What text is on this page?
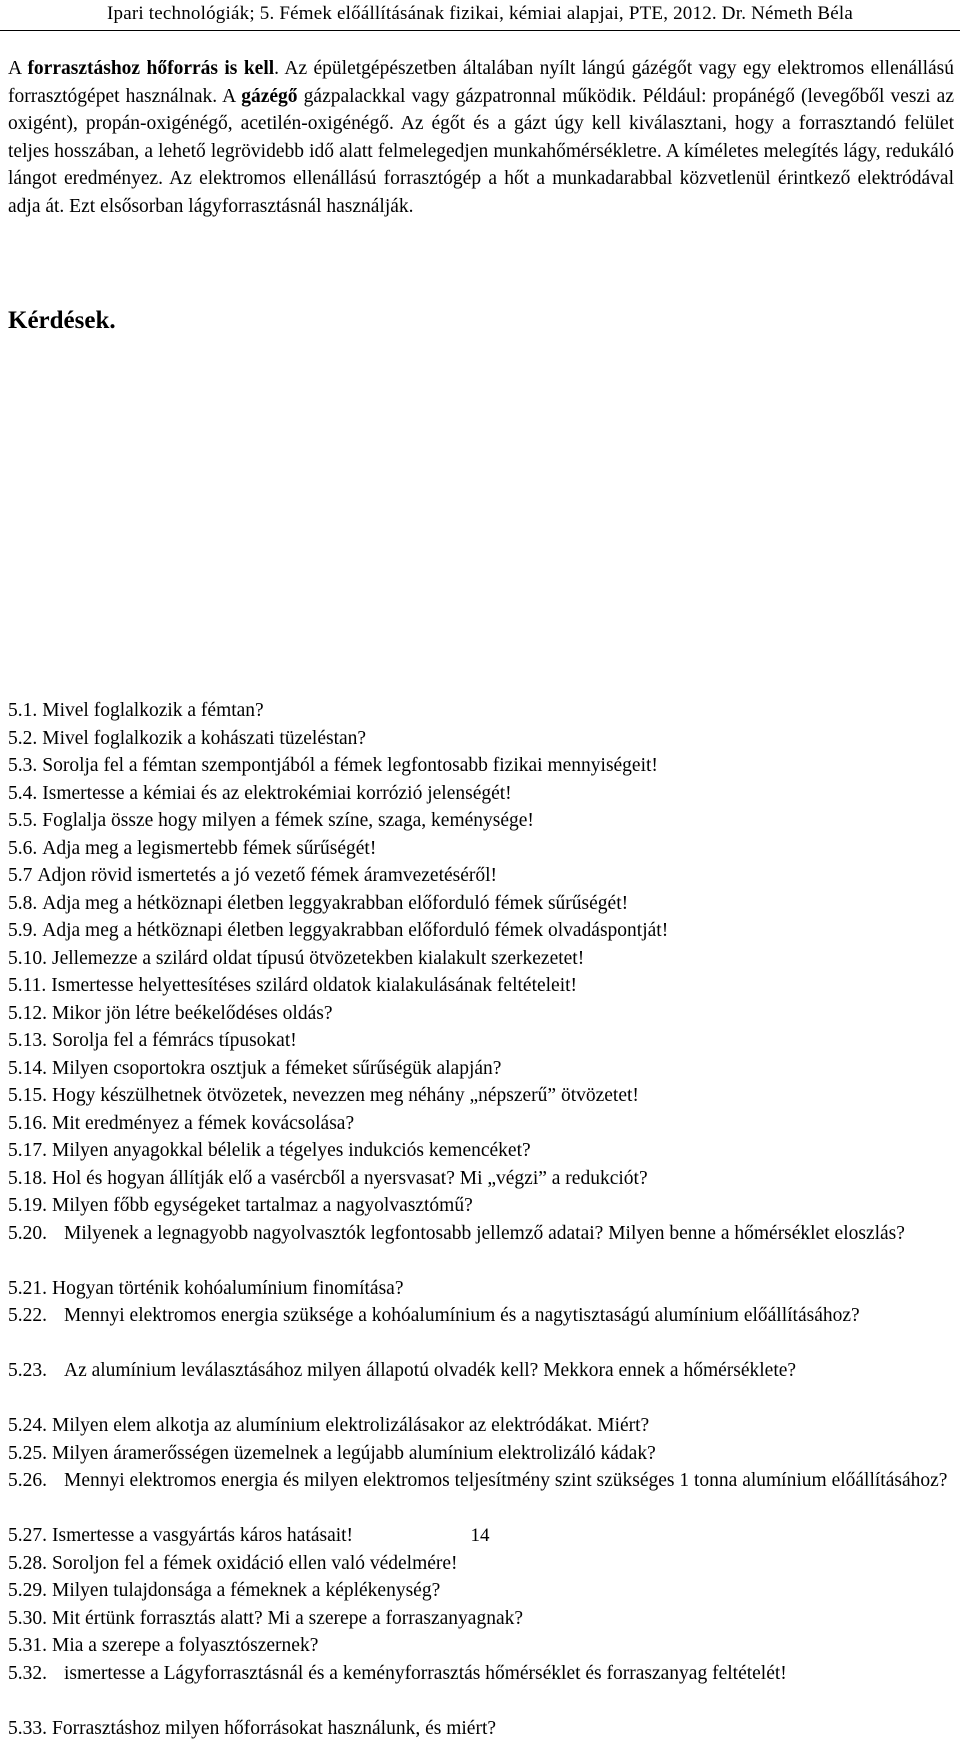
Ipari technológiák; 5. Fémek előállításának fizikai, kémiai alapjai, PTE, 2012. Dr. Németh Béla

A forrasztáshoz hőforrás is kell. Az épületgépészetben általában nyílt lángú gázégőt vagy egy elektromos ellenállású forrasztógépet használnak. A gázégő gázpalackkal vagy gázpatronnal működik. Például: propánégő (levegőből veszi az oxigént), propán-oxigénégő, acetilén-oxigénégő. Az égőt és a gázt úgy kell kiválasztani, hogy a forrasztandó felület teljes hosszában, a lehető legrövidebb idő alatt felmelegedjen munkahőmérsékletre. A kíméletes melegítés lágy, redukáló lángot eredményez. Az elektromos ellenállású forrasztógép a hőt a munkadarabbal közvetlenül érintkező elektródával adja át. Ezt elsősorban lágyforrasztásnál használják.

Kérdések.
5.1. Mivel foglalkozik a fémtan?
5.2. Mivel foglalkozik a kohászati tüzeléstan?
5.3. Sorolja fel a fémtan szempontjából a fémek legfontosabb fizikai mennyiségeit!
5.4. Ismertesse a kémiai és az elektrokémiai korrózió jelenségét!
5.5. Foglalja össze hogy milyen a fémek színe, szaga, keménysége!
5.6. Adja meg a legismertebb fémek sűrűségét!
5.7 Adjon rövid ismertetés a jó vezető fémek áramvezetéséről!
5.8. Adja meg a hétköznapi életben leggyakrabban előforduló fémek sűrűségét!
5.9. Adja meg a hétköznapi életben leggyakrabban előforduló fémek olvadáspontját!
5.10. Jellemezze a szilárd oldat típusú ötvözetekben kialakult szerkezetet!
5.11. Ismertesse helyettesítéses szilárd oldatok kialakulásának feltételeit!
5.12. Mikor jön létre beékelődéses oldás?
5.13. Sorolja fel a fémrács típusokat!
5.14. Milyen csoportokra osztjuk a fémeket sűrűségük alapján?
5.15. Hogy készülhetnek ötvözetek, nevezzen meg néhány „népszerű” ötvözetet!
5.16. Mit eredményez a fémek kovácsolása?
5.17. Milyen anyagokkal bélelik a tégelyes indukciós kemencéket?
5.18. Hol és hogyan állítják elő a vasércből a nyersvasat? Mi „végzi” a redukciót?
5.19. Milyen főbb egységeket tartalmaz a nagyolvasztómű?
5.20. Milyenek a legnagyobb nagyolvasztók legfontosabb jellemző adatai? Milyen benne a hőmérséklet eloszlás?
5.21. Hogyan történik kohóalumínium finomítása?
5.22. Mennyi elektromos energia szüksége a kohóalumínium és a nagytisztaságú alumínium előállításához?
5.23. Az alumínium leválasztásához milyen állapotú olvadék kell? Mekkora ennek a hőmérséklete?
5.24. Milyen elem alkotja az alumínium elektrolizálásakor az elektródákat. Miért?
5.25. Milyen áramerősségen üzemelnek a legújabb alumínium elektrolizáló kádak?
5.26. Mennyi elektromos energia és milyen elektromos teljesítmény szint szükséges 1 tonna alumínium előállításához?
5.27. Ismertesse a vasgyártás káros hatásait!
5.28. Soroljon fel a fémek oxidáció ellen való védelmére!
5.29. Milyen tulajdonsága a fémeknek a képlékenység?
5.30. Mit értünk forrasztás alatt? Mi a szerepe a forraszanyagnak?
5.31. Mia a szerepe a folyasztószernek?
5.32. ismertesse a Lágyforrasztásnál és a keményforrasztás hőmérséklet és forraszanyag feltételét!
5.33. Forrasztáshoz milyen hőforrásokat használunk, és miért?
14
